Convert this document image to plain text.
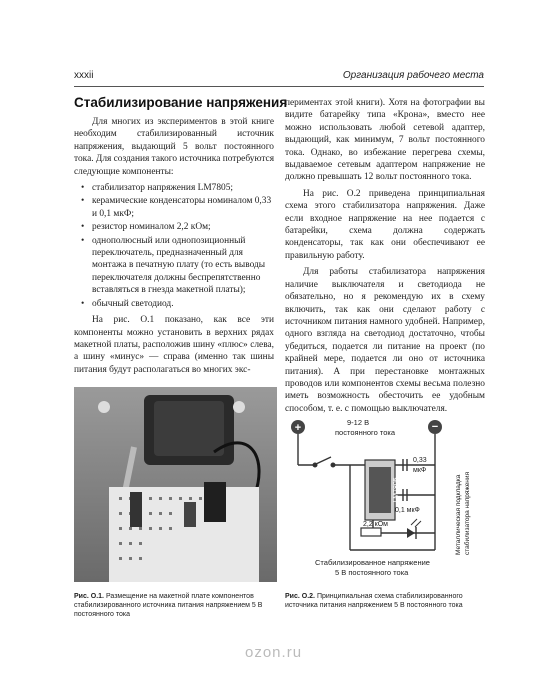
xxxii	Организация рабочего места
Стабилизирование напряжения

Для многих из экспериментов в этой книге необходим стабилизированный источник напряжения, выдающий 5 вольт постоянного тока. Для создания такого источника потребуются следующие компоненты:

• стабилизатор напряжения LM7805;
• керамические конденсаторы номиналом 0,33 и 0,1 мкФ;
• резистор номиналом 2,2 кОм;
• однополюсный или однопозиционный переключатель, предназначенный для монтажа в печатную плату (то есть выводы переключателя должны беспрепятственно вставляться в гнезда макетной платы);
• обычный светодиод.

На рис. О.1 показано, как все эти компоненты можно установить в верхних рядах макетной платы, расположив шину «плюс» слева, а шину «минус» — справа (именно так шины питания будут располагаться во многих экс-

периментах этой книги). Хотя на фотографии вы видите батарейку типа «Крона», вместо нее можно использовать любой сетевой адаптер, выдающий, как минимум, 7 вольт постоянного тока. Однако, во избежание перегрева схемы, выдаваемое сетевым адаптером напряжение не должно превышать 12 вольт постоянного тока.

На рис. О.2 приведена принципиальная схема этого стабилизатора напряжения. Даже если входное напряжение на нее подается с батарейки, схема должна содержать конденсаторы, так как они обеспечивают ее правильную работу.

Для работы стабилизатора напряжения наличие выключателя и светодиода не обязательно, но я рекомендую их в схему включить, так как они сделают работу с источником питания намного удобней. Например, одного взгляда на светодиод достаточно, чтобы убедиться, подается ли питание на проект (по крайней мере, подается ли оно от источника питания). А при перестановке монтажных проводов или компонентов схемы весьма полезно иметь возможность обесточить ее удобным способом, т. е. с помощью выключателя.

Рис. О.1. Размещение на макетной плате компонентов стабилизированного источника питания напряжением 5 В постоянного тока
+	−
9-12 В
постоянного тока
LM7805
0,33
мкФ
0,1 мкФ
2,2 кОм
Стабилизированное напряжение
5 В постоянного тока
Металлическая подкладка стабилизатора напряжения
Рис. О.2. Принципиальная схема стабилизированного источника питания напряжением 5 В постоянного тока
ozon.ru
